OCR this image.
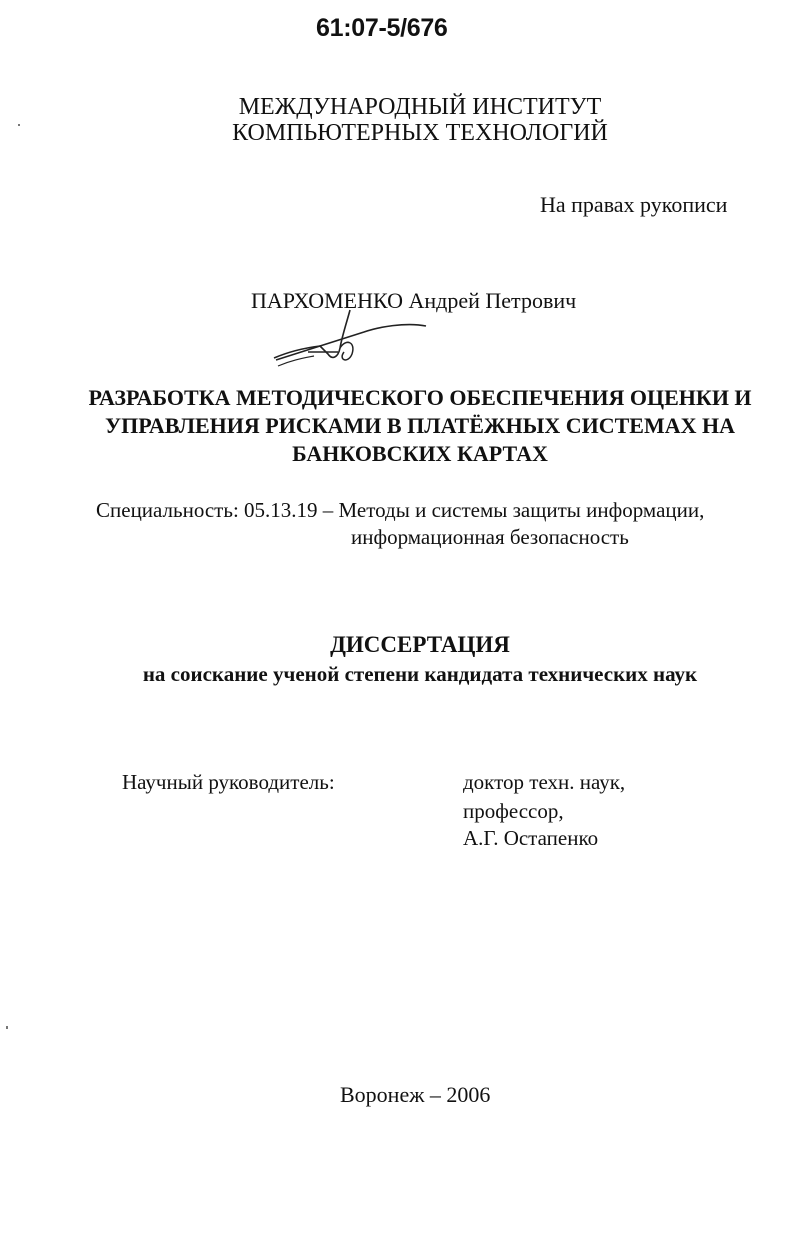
61:07-5/676
МЕЖДУНАРОДНЫЙ ИНСТИТУТ
КОМПЬЮТЕРНЫХ ТЕХНОЛОГИЙ
На правах рукописи
ПАРХОМЕНКО Андрей Петрович
РАЗРАБОТКА МЕТОДИЧЕСКОГО ОБЕСПЕЧЕНИЯ ОЦЕНКИ И
УПРАВЛЕНИЯ РИСКАМИ В ПЛАТЁЖНЫХ СИСТЕМАХ НА
БАНКОВСКИХ КАРТАХ
Специальность: 05.13.19 – Методы и системы защиты информации,
информационная безопасность
ДИССЕРТАЦИЯ
на соискание ученой степени кандидата технических наук
Научный руководитель:	доктор техн. наук,
профессор,
А.Г. Остапенко
Воронеж – 2006
